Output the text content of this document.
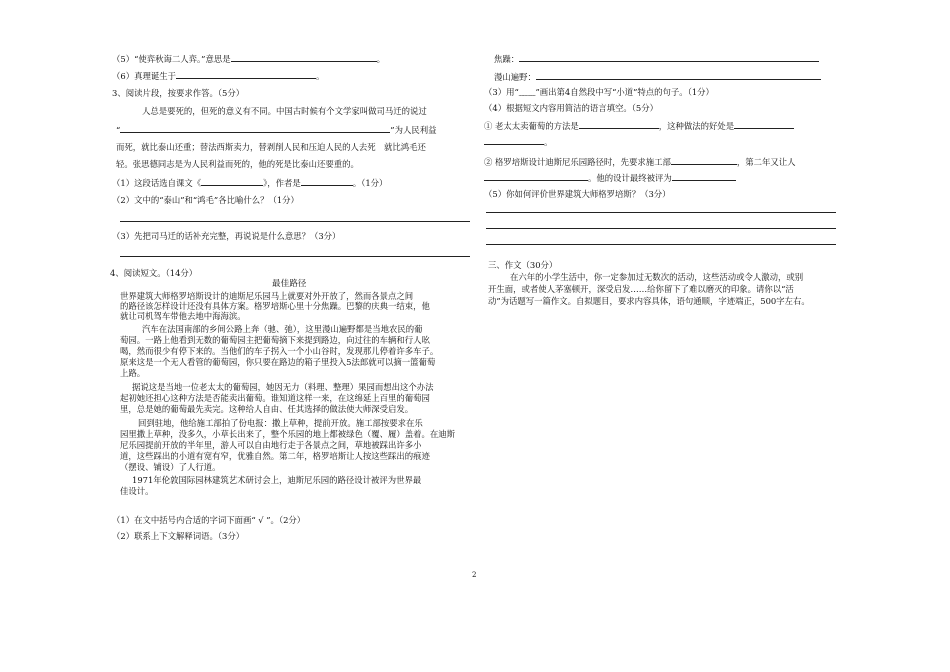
（5）“使弈秋诲二人弈。”意思是	。
（6）真理诞生于	。
3、阅读片段，按要求作答。（5分）
人总是要死的，但死的意义有不同。中国古时候有个文学家叫做司马迁的说过
“	”为人民利益
而死，就比泰山还重；替法西斯卖力，替剥削人民和压迫人民的人去死　就比鸿毛还
轻。张思德同志是为人民利益而死的，他的死是比泰山还要重的。
（1）这段话选自课文《	》，作者是	。（1分）
（2）文中的“泰山”和“鸿毛”各比喻什么？（1分）
（3）先把司马迁的话补充完整，再说说是什么意思？（3分）
4、阅读短文。（14分）
最佳路径
世界建筑大师格罗培斯设计的迪斯尼乐园马上就要对外开放了，然而各景点之间
的路径该怎样设计还没有具体方案。格罗培斯心里十分焦躁。巴黎的庆典一结束，他
就让司机驾车带他去地中海海滨。
汽车在法国南部的乡间公路上奔（驰、弛），这里漫山遍野都是当地农民的葡
萄园。一路上他看到无数的葡萄园主把葡萄摘下来提到路边，向过往的车辆和行人吆
喝，然而很少有停下来的。当他们的车子拐入一个小山谷时，发现那儿停着许多车子。
原来这是一个无人看管的葡萄园，你只要在路边的箱子里投入5法郎就可以摘一篮葡萄
上路。
据说这是当地一位老太太的葡萄园，她因无力（料理、整理）果园而想出这个办法
起初她还担心这种方法是否能卖出葡萄。谁知道这样一来，在这绵延上百里的葡萄园
里，总是她的葡萄最先卖完。这种给人自由、任其选择的做法使大师深受启发。
回到驻地，他给施工部拍了份电报：撒上草种，提前开放。施工部按要求在乐
园里撒上草种，没多久，小草长出来了，整个乐园的地上都被绿色（覆、履）盖着。在迪斯
尼乐园提前开放的半年里，游人可以自由地行走于各景点之间，草地被踩出许多小
道，这些踩出的小道有宽有窄，优雅自然。第二年，格罗培斯让人按这些踩出的痕迹
（摆设、铺设）了人行道。
1971年伦敦国际园林建筑艺术研讨会上，迪斯尼乐园的路径设计被评为世界最
佳设计。
（1）在文中括号内合适的字词下面画“ √ ”。（2分）
（2）联系上下文解释词语。（3分）
焦躁：
漫山遍野：
（3）用“﹏﹏”画出第4自然段中写“小道”特点的句子。（1分）
（4）根据短文内容用简洁的语言填空。（5分）
① 老太太卖葡萄的方法是	，这种做法的好处是
。
② 格罗培斯设计迪斯尼乐园路径时，先要求施工部	，第二年又让人
。他的设计最终被评为
（5）你如何评价世界建筑大师格罗培斯？（3分）
三、作文（30分）
在六年的小学生活中，你一定参加过无数次的活动，这些活动或令人激动，或别
开生面，或者使人茅塞顿开，深受启发……给你留下了难以磨灭的印象。请你以“活
动”为话题写一篇作文。自拟题目，要求内容具体，语句通顺，字迹端正，500字左右。
2
